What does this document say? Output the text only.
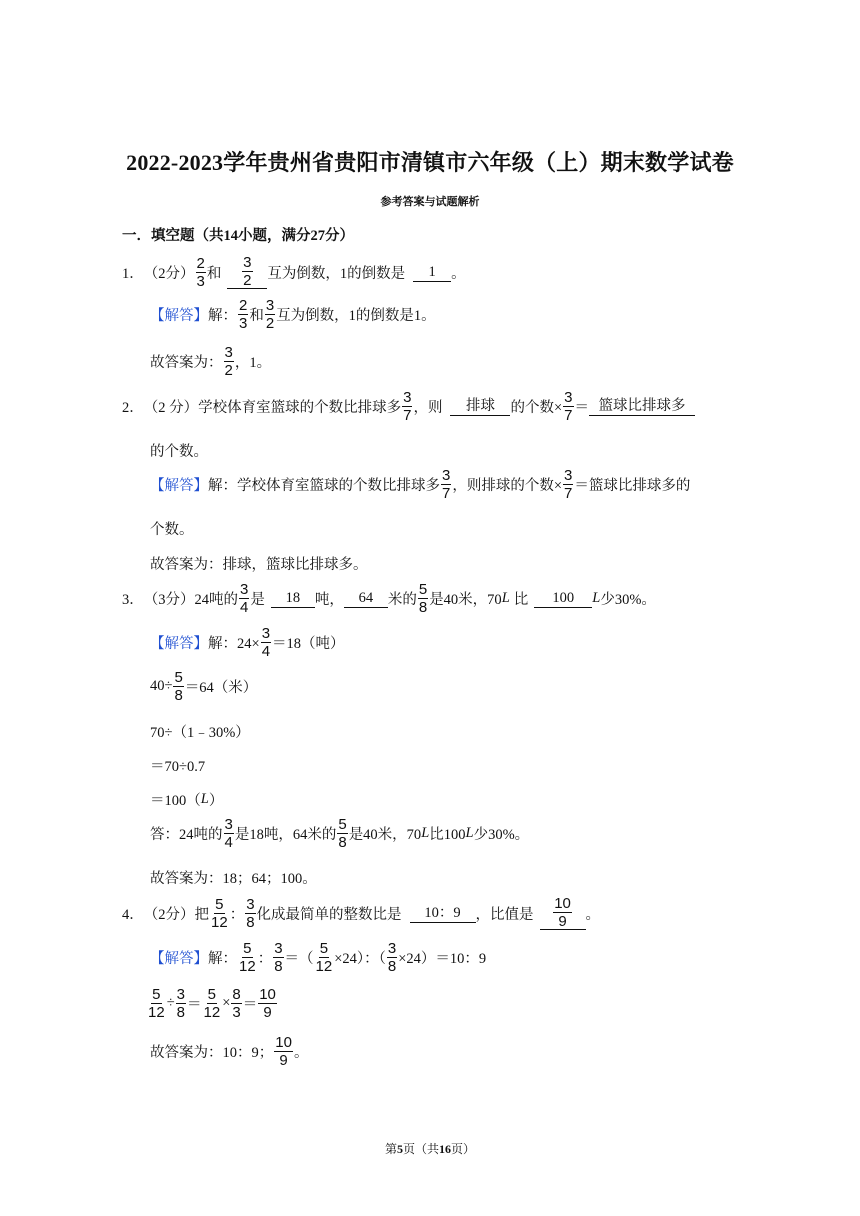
2022-2023学年贵州省贵阳市清镇市六年级（上）期末数学试卷
参考答案与试题解析
一．填空题（共14小题，满分27分）
1． （2分）
2
3 和 $\frac{3}{2}$ 互为倒数，1的倒数是	1	。
【解答】 解：
2
3 和
3
2 互为倒数，1的倒数是1。
故答案为：
3
2 ，1。
2． （2 分） 学校体育室篮球的个数比排球多
3
7 ，则	排球	的个数× $\frac{3}{7}$ ＝ 篮球比排球多
的个数。
【解答】 解：学校体育室篮球的个数比排球多
3
7 ，则排球的个数× $\frac{3}{7}$ ＝篮球比排球多的
个数。
故答案为：排球，篮球比排球多。
3． （3分） 24吨的
3
4 是	18	吨，	64	米的
5
8 是40米，70 L 比	100	L 少30%。
【解答】 解：$24\times \frac{3}{4} =18$（吨）
$40\div \frac{5}{8} =64$（米）
70÷（1﹣30%）
＝70÷0.7
＝100（ L ）
答：24吨的
3
4 是18吨，64米的
5
8 是40米，70 L 比100 L 少30%。
故答案为：18；64；100。
4． （2分） 把
5
12 ：
3
8 化成最简单的整数比是	10：9	，比值是 $\frac{10}{9}$ 。
【解答】 解：
5
12 ：
3
8 ＝（ $\frac{5}{12} \times 24$）：（ $\frac{3}{8} \times 24)=10$：9
$\frac{5}{12} \div \frac{3}{8} = \frac{5}{12} \times \frac{8}{3}$ ＝
10
9
故答案为：10：9；
10
9 。
第5页（共16页）
